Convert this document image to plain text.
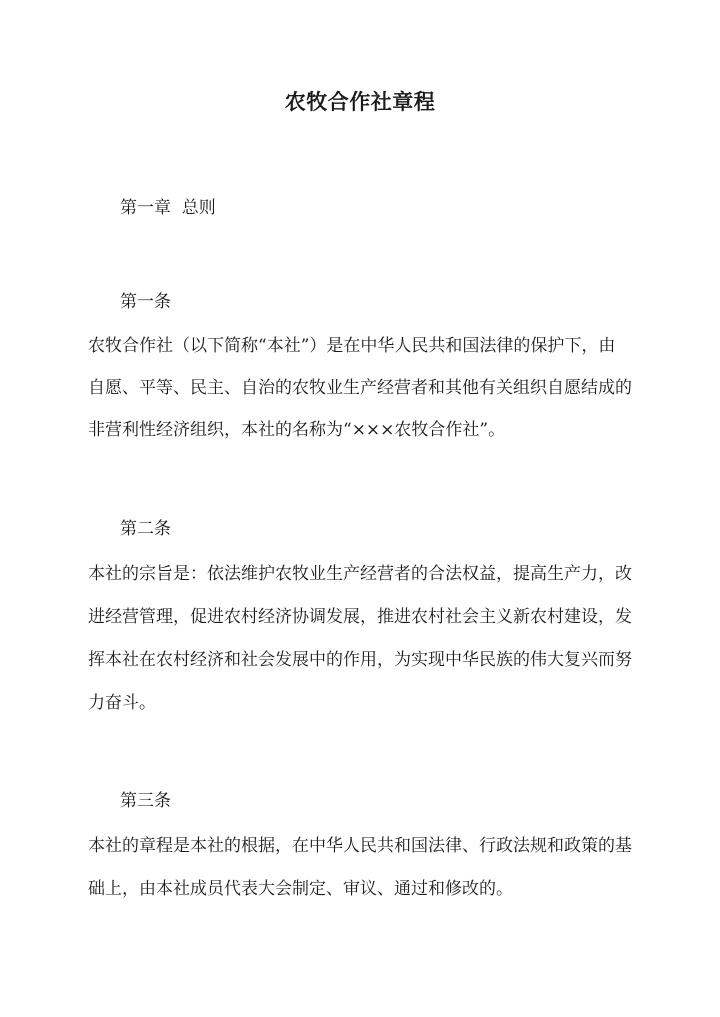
农牧合作社章程
第一章  总则
第一条
农牧合作社（以下简称“本社”）是在中华人民共和国法律的保护下，由
自愿、平等、民主、自治的农牧业生产经营者和其他有关组织自愿结成的
非营利性经济组织，本社的名称为“×××农牧合作社”。
第二条
本社的宗旨是：依法维护农牧业生产经营者的合法权益，提高生产力，改
进经营管理，促进农村经济协调发展，推进农村社会主义新农村建设，发
挥本社在农村经济和社会发展中的作用，为实现中华民族的伟大复兴而努
力奋斗。
第三条
本社的章程是本社的根据，在中华人民共和国法律、行政法规和政策的基
础上，由本社成员代表大会制定、审议、通过和修改的。
